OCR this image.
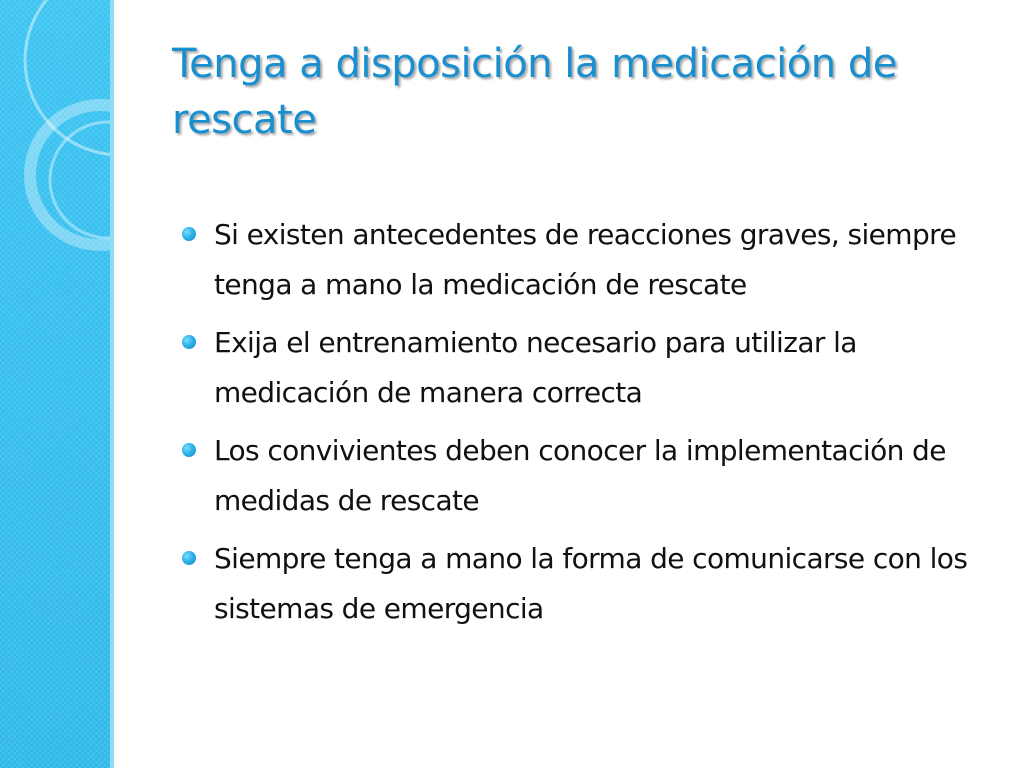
Tenga a disposición la medicación de rescate
Si existen antecedentes de reacciones graves, siempre tenga a mano la medicación de rescate
Exija el entrenamiento necesario para utilizar la medicación de manera correcta
Los convivientes deben conocer la implementación de medidas de rescate
Siempre tenga a mano la forma de comunicarse con los sistemas de emergencia
